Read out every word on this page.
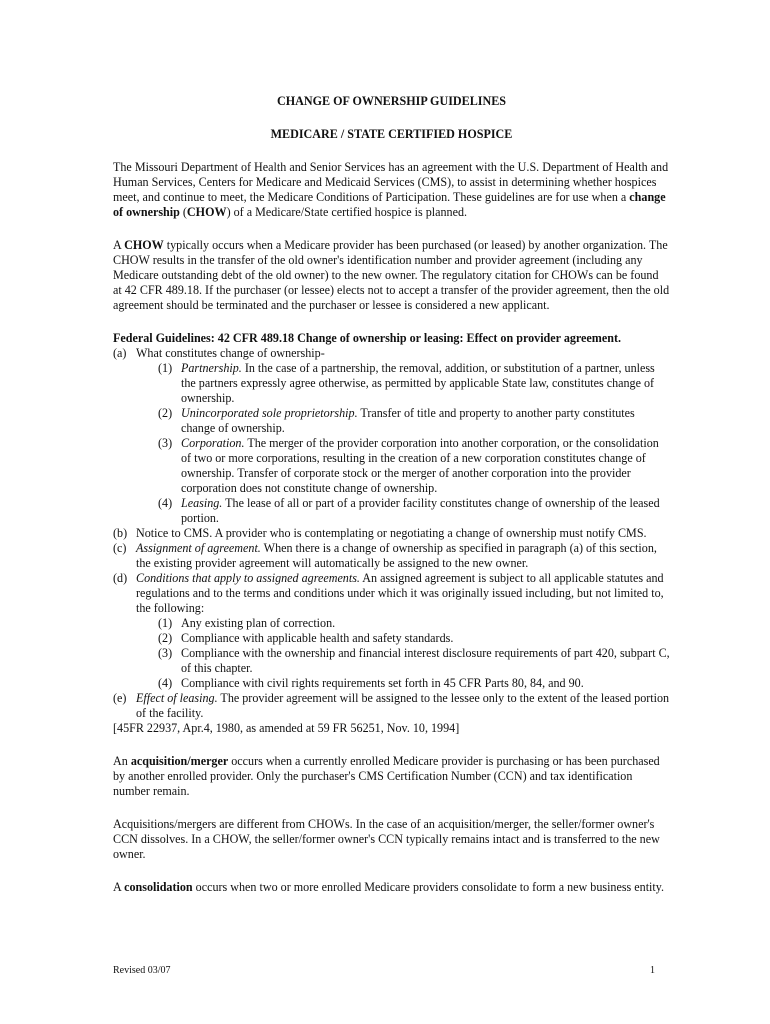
CHANGE OF OWNERSHIP GUIDELINES

MEDICARE / STATE CERTIFIED HOSPICE

The Missouri Department of Health and Senior Services has an agreement with the U.S. Department of Health and Human Services, Centers for Medicare and Medicaid Services (CMS), to assist in determining whether hospices meet, and continue to meet, the Medicare Conditions of Participation. These guidelines are for use when a change of ownership (CHOW) of a Medicare/State certified hospice is planned.

A CHOW typically occurs when a Medicare provider has been purchased (or leased) by another organization. The CHOW results in the transfer of the old owner's identification number and provider agreement (including any Medicare outstanding debt of the old owner) to the new owner. The regulatory citation for CHOWs can be found at 42 CFR 489.18. If the purchaser (or lessee) elects not to accept a transfer of the provider agreement, then the old agreement should be terminated and the purchaser or lessee is considered a new applicant.

Federal Guidelines: 42 CFR 489.18 Change of ownership or leasing: Effect on provider agreement.

(a) What constitutes change of ownership-
(1) Partnership. In the case of a partnership, the removal, addition, or substitution of a partner, unless the partners expressly agree otherwise, as permitted by applicable State law, constitutes change of ownership.
(2) Unincorporated sole proprietorship. Transfer of title and property to another party constitutes change of ownership.
(3) Corporation. The merger of the provider corporation into another corporation, or the consolidation of two or more corporations, resulting in the creation of a new corporation constitutes change of ownership. Transfer of corporate stock or the merger of another corporation into the provider corporation does not constitute change of ownership.
(4) Leasing. The lease of all or part of a provider facility constitutes change of ownership of the leased portion.
(b) Notice to CMS. A provider who is contemplating or negotiating a change of ownership must notify CMS.
(c) Assignment of agreement. When there is a change of ownership as specified in paragraph (a) of this section, the existing provider agreement will automatically be assigned to the new owner.
(d) Conditions that apply to assigned agreements. An assigned agreement is subject to all applicable statutes and regulations and to the terms and conditions under which it was originally issued including, but not limited to, the following:
(1) Any existing plan of correction.
(2) Compliance with applicable health and safety standards.
(3) Compliance with the ownership and financial interest disclosure requirements of part 420, subpart C, of this chapter.
(4) Compliance with civil rights requirements set forth in 45 CFR Parts 80, 84, and 90.
(e) Effect of leasing. The provider agreement will be assigned to the lessee only to the extent of the leased portion of the facility.

[45FR 22937, Apr.4, 1980, as amended at 59 FR 56251, Nov. 10, 1994]

An acquisition/merger occurs when a currently enrolled Medicare provider is purchasing or has been purchased by another enrolled provider. Only the purchaser's CMS Certification Number (CCN) and tax identification number remain.

Acquisitions/mergers are different from CHOWs. In the case of an acquisition/merger, the seller/former owner's CCN dissolves. In a CHOW, the seller/former owner's CCN typically remains intact and is transferred to the new owner.

A consolidation occurs when two or more enrolled Medicare providers consolidate to form a new business entity.

Revised 03/07	1
